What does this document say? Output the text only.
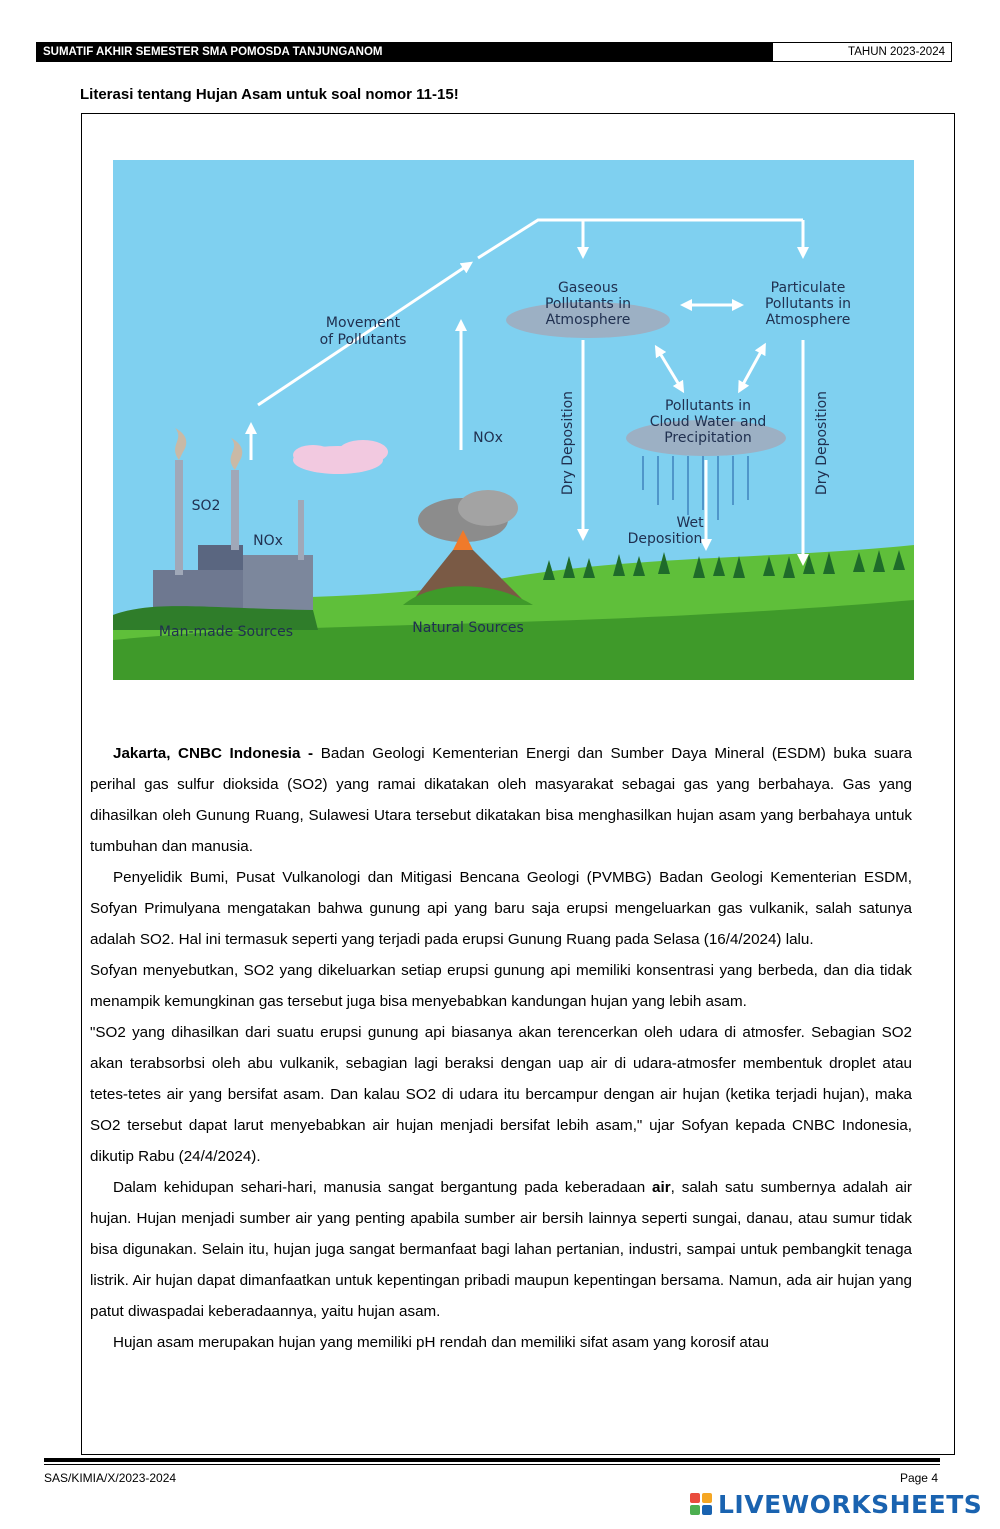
SUMATIF AKHIR SEMESTER SMA POMOSDA TANJUNGANOM	TAHUN 2023-2024
Literasi tentang Hujan Asam untuk soal nomor 11-15!
Movement
of Pollutants
Gaseous
Pollutants in
Atmosphere
Particulate
Pollutants in
Atmosphere
Pollutants in
Cloud Water and
Precipitation
Wet
Deposition
NOx
SO2
NOx
Man-made Sources	Natural Sources
Dry Deposition	Dry Deposition

Jakarta, CNBC Indonesia - Badan Geologi Kementerian Energi dan Sumber Daya Mineral (ESDM) buka suara perihal gas sulfur dioksida (SO2) yang ramai dikatakan oleh masyarakat sebagai gas yang berbahaya. Gas yang dihasilkan oleh Gunung Ruang, Sulawesi Utara tersebut dikatakan bisa menghasilkan hujan asam yang berbahaya untuk tumbuhan dan manusia.

Penyelidik Bumi, Pusat Vulkanologi dan Mitigasi Bencana Geologi (PVMBG) Badan Geologi Kementerian ESDM, Sofyan Primulyana mengatakan bahwa gunung api yang baru saja erupsi mengeluarkan gas vulkanik, salah satunya adalah SO2. Hal ini termasuk seperti yang terjadi pada erupsi Gunung Ruang pada Selasa (16/4/2024) lalu.

Sofyan menyebutkan, SO2 yang dikeluarkan setiap erupsi gunung api memiliki konsentrasi yang berbeda, dan dia tidak menampik kemungkinan gas tersebut juga bisa menyebabkan kandungan hujan yang lebih asam.

"SO2 yang dihasilkan dari suatu erupsi gunung api biasanya akan terencerkan oleh udara di atmosfer. Sebagian SO2 akan terabsorbsi oleh abu vulkanik, sebagian lagi beraksi dengan uap air di udara-atmosfer membentuk droplet atau tetes-tetes air yang bersifat asam. Dan kalau SO2 di udara itu bercampur dengan air hujan (ketika terjadi hujan), maka SO2 tersebut dapat larut menyebabkan air hujan menjadi bersifat lebih asam," ujar Sofyan kepada CNBC Indonesia, dikutip Rabu (24/4/2024).

Dalam kehidupan sehari-hari, manusia sangat bergantung pada keberadaan air, salah satu sumbernya adalah air hujan. Hujan menjadi sumber air yang penting apabila sumber air bersih lainnya seperti sungai, danau, atau sumur tidak bisa digunakan. Selain itu, hujan juga sangat bermanfaat bagi lahan pertanian, industri, sampai untuk pembangkit tenaga listrik. Air hujan dapat dimanfaatkan untuk kepentingan pribadi maupun kepentingan bersama. Namun, ada air hujan yang patut diwaspadai keberadaannya, yaitu hujan asam.

Hujan asam merupakan hujan yang memiliki pH rendah dan memiliki sifat asam yang korosif atau

SAS/KIMIA/X/2023-2024	Page 4
LIVEWORKSHEETS
